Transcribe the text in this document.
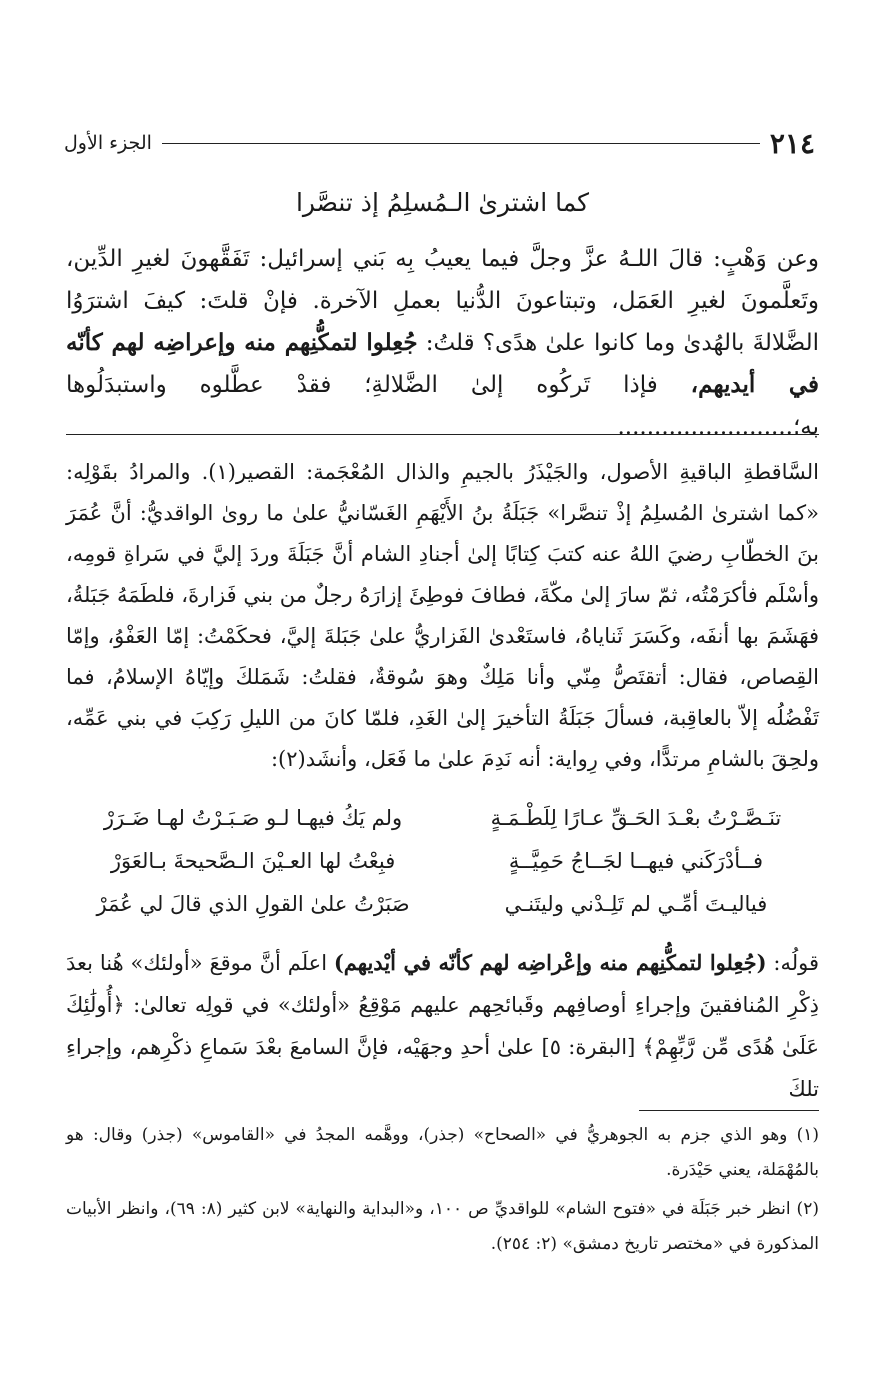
٢١٤
الجزء الأول
كما اشترىٰ الـمُسلِمُ إذ تنصَّرا
وعن وَهْبٍ: قالَ اللـهُ عزَّ وجلَّ فيما يعيبُ بِه بَني إسرائيل: تَفَقَّهونَ لغيرِ الدِّين، وتَعلَّمونَ لغيرِ العَمَل، وتبتاعونَ الدُّنيا بعملِ الآخرة. فإنْ قلتَ: كيفَ اشترَوُا الضَّلالةَ بالهُدىٰ وما كانوا علىٰ هدًى؟ قلتُ: جُعِلوا لتمكُّنِهم منه وإعراضِه لهم كأنّه في أيديهم، فإذا تَركُوه إلىٰ الضَّلالةِ؛ فقدْ عطَّلوه واستبدَلُوها به؛........................
السَّاقطةِ الباقيةِ الأصول، والجَيْذَرُ بالجيمِ والذال المُعْجَمة: القصير(١). والمرادُ بقَوْلِه: «كما اشترىٰ المُسلِمُ إذْ تنصَّرا» جَبَلَةُ بنُ الأَيْهَمِ الغَسّانيُّ علىٰ ما روىٰ الواقديُّ: أنَّ عُمَرَ بنَ الخطّابِ رضيَ اللهُ عنه كتبَ كِتابًا إلىٰ أجنادِ الشام أنَّ جَبَلَةَ وردَ إليَّ في سَراةِ قومِه، وأسْلَم فأكرَمْتُه، ثمّ سارَ إلىٰ مكّةَ، فطافَ فوطِئَ إزارَهُ رجلٌ من بني فَزارةَ، فلطَمَهُ جَبَلةُ، فهَشَمَ بها أنفَه، وكَسَرَ ثَناياهُ، فاستَعْدىٰ الفَزاريُّ علىٰ جَبَلةَ إليَّ، فحكَمْتُ: إمّا العَفْوُ، وإمّا القِصاص، فقال: أتقتَصُّ مِنّي وأنا مَلِكٌ وهوَ سُوقةٌ، فقلتُ: شَمَلكَ وإيّاهُ الإسلامُ، فما تَفْضُلُه إلاّ بالعاقِبة، فسألَ جَبَلَةُ التأخيرَ إلىٰ الغَدِ، فلمّا كانَ من الليلِ رَكِبَ في بني عَمِّه، ولحِقَ بالشامِ مرتدًّا، وفي رِواية: أنه نَدِمَ علىٰ ما فَعَل، وأنشَد(٢):
تنَـصَّـرْتُ بعْـدَ الحَـقِّ عـارًا لِلَطْـمَـةٍ
ولم يَكُ فيهـا لـو صَـبَـرْتُ لهـا ضَـرَرْ
فــأدْرَكَني فيهــا لجَــاجُ حَمِيَّــةٍ
فبِعْتُ لها العـيْنَ الـصَّحيحةَ بـالعَوَرْ
فياليـتَ أمِّـي لم تَلِـدْني وليتَنـي
صَبَرْتُ علىٰ القولِ الذي قالَ لي عُمَرْ
قولُه: (جُعِلوا لتمكُّنِهم منه وإعْراضِه لهم كأنّه في أيْديهم) اعلَم أنَّ موقعَ «أولئك» هُنا بعدَ ذِكْرِ المُنافقينَ وإجراءِ أوصافِهم وقَبائحِهم عليهم مَوْقِعُ «أولئك» في قولِه تعالىٰ: ﴿أُولَٰئِكَ عَلَىٰ هُدًى مِّن رَّبِّهِمْ﴾ [البقرة: ٥] علىٰ أحدِ وجهَيْه، فإنَّ السامعَ بعْدَ سَماعِ ذكْرِهم، وإجراءِ تلكَ

(١) وهو الذي جزم به الجوهريُّ في «الصحاح» (جذر)، ووهَّمه المجدُ في «القاموس» (جذر) وقال: هو بالمُهْمَلة، يعني حَيْدَرة.

(٢) انظر خبر جَبَلَة في «فتوح الشام» للواقديِّ ص ١٠٠، و«البداية والنهاية» لابن كثير (٨: ٦٩)، وانظر الأبيات المذكورة في «مختصر تاريخ دمشق» (٢: ٢٥٤).
